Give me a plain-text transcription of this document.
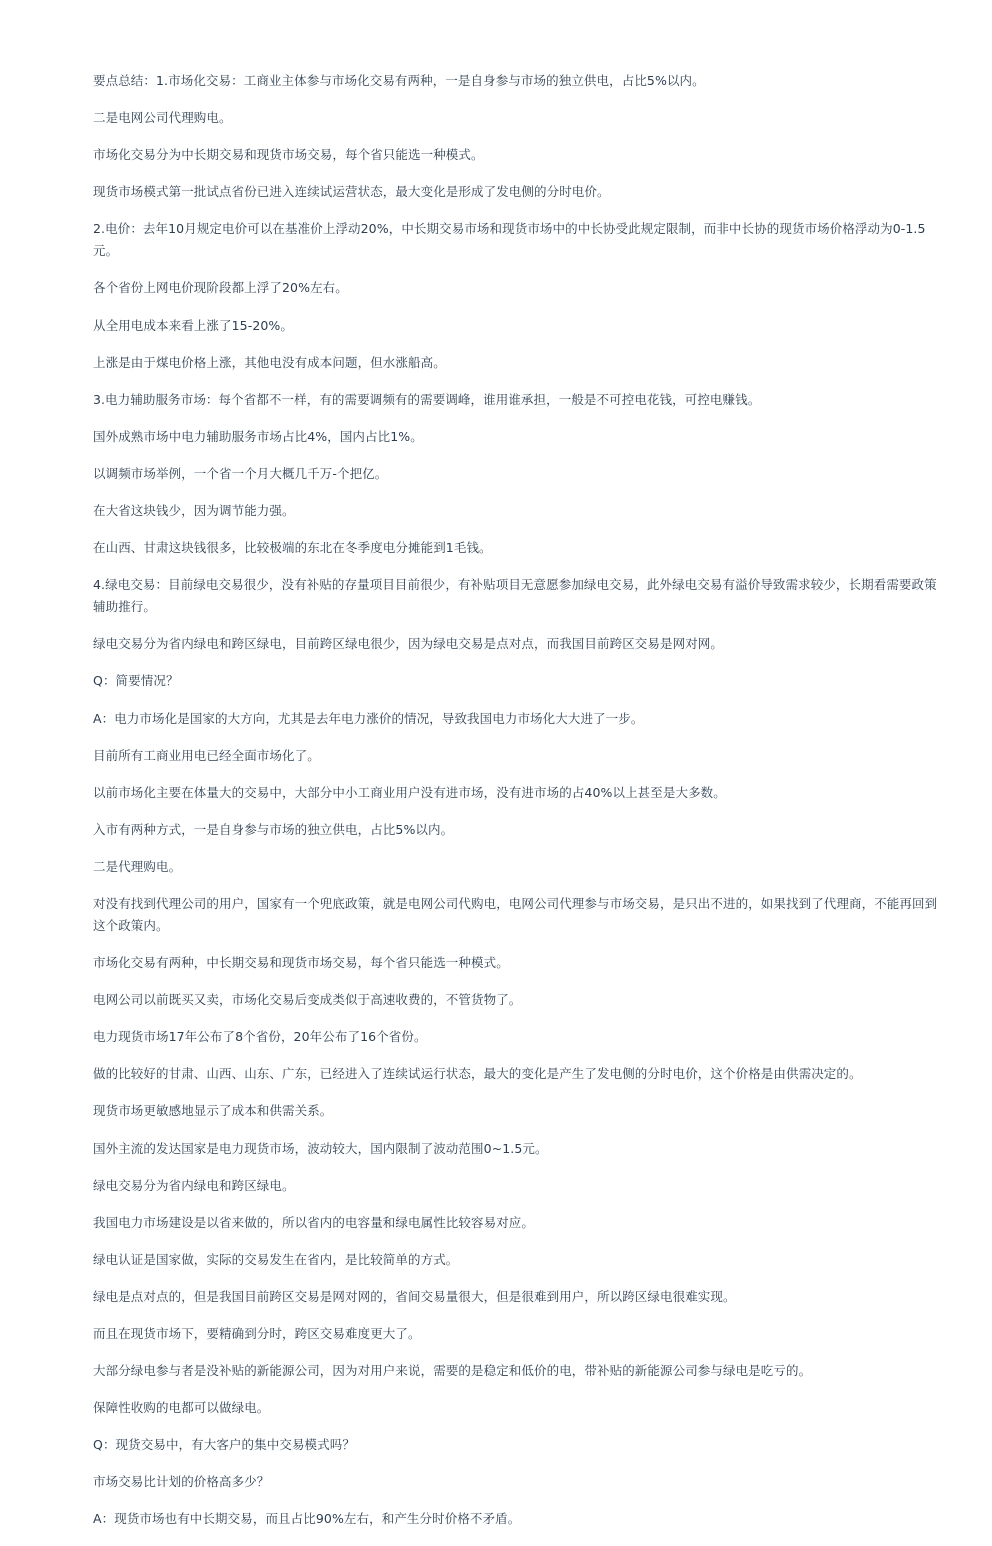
要点总结：1.市场化交易：工商业主体参与市场化交易有两种，一是自身参与市场的独立供电，占比5%以内。

二是电网公司代理购电。

市场化交易分为中长期交易和现货市场交易，每个省只能选一种模式。

现货市场模式第一批试点省份已进入连续试运营状态，最大变化是形成了发电侧的分时电价。

2.电价：去年10月规定电价可以在基准价上浮动20%，中长期交易市场和现货市场中的中长协受此规定限制，而非中长协的现货市场价格浮动为0-1.5元。

各个省份上网电价现阶段都上浮了20%左右。

从全用电成本来看上涨了15-20%。

上涨是由于煤电价格上涨，其他电没有成本问题，但水涨船高。

3.电力辅助服务市场：每个省都不一样，有的需要调频有的需要调峰，谁用谁承担，一般是不可控电花钱，可控电赚钱。

国外成熟市场中电力辅助服务市场占比4%，国内占比1%。

以调频市场举例，一个省一个月大概几千万-个把亿。

在大省这块钱少，因为调节能力强。

在山西、甘肃这块钱很多，比较极端的东北在冬季度电分摊能到1毛钱。

4.绿电交易：目前绿电交易很少，没有补贴的存量项目目前很少，有补贴项目无意愿参加绿电交易，此外绿电交易有溢价导致需求较少，长期看需要政策辅助推行。

绿电交易分为省内绿电和跨区绿电，目前跨区绿电很少，因为绿电交易是点对点，而我国目前跨区交易是网对网。

Q：简要情况？

A：电力市场化是国家的大方向，尤其是去年电力涨价的情况，导致我国电力市场化大大进了一步。

目前所有工商业用电已经全面市场化了。

以前市场化主要在体量大的交易中，大部分中小工商业用户没有进市场，没有进市场的占40%以上甚至是大多数。

入市有两种方式，一是自身参与市场的独立供电，占比5%以内。

二是代理购电。

对没有找到代理公司的用户，国家有一个兜底政策，就是电网公司代购电，电网公司代理参与市场交易，是只出不进的，如果找到了代理商，不能再回到这个政策内。

市场化交易有两种，中长期交易和现货市场交易，每个省只能选一种模式。

电网公司以前既买又卖，市场化交易后变成类似于高速收费的，不管货物了。

电力现货市场17年公布了8个省份，20年公布了16个省份。

做的比较好的甘肃、山西、山东、广东，已经进入了连续试运行状态，最大的变化是产生了发电侧的分时电价，这个价格是由供需决定的。

现货市场更敏感地显示了成本和供需关系。

国外主流的发达国家是电力现货市场，波动较大，国内限制了波动范围0~1.5元。

绿电交易分为省内绿电和跨区绿电。

我国电力市场建设是以省来做的，所以省内的电容量和绿电属性比较容易对应。

绿电认证是国家做，实际的交易发生在省内，是比较简单的方式。

绿电是点对点的，但是我国目前跨区交易是网对网的，省间交易量很大，但是很难到用户，所以跨区绿电很难实现。

而且在现货市场下，要精确到分时，跨区交易难度更大了。

大部分绿电参与者是没补贴的新能源公司，因为对用户来说，需要的是稳定和低价的电，带补贴的新能源公司参与绿电是吃亏的。

保障性收购的电都可以做绿电。

Q：现货交易中，有大客户的集中交易模式吗？

市场交易比计划的价格高多少？

A：现货市场也有中长期交易，而且占比90%左右，和产生分时价格不矛盾。
